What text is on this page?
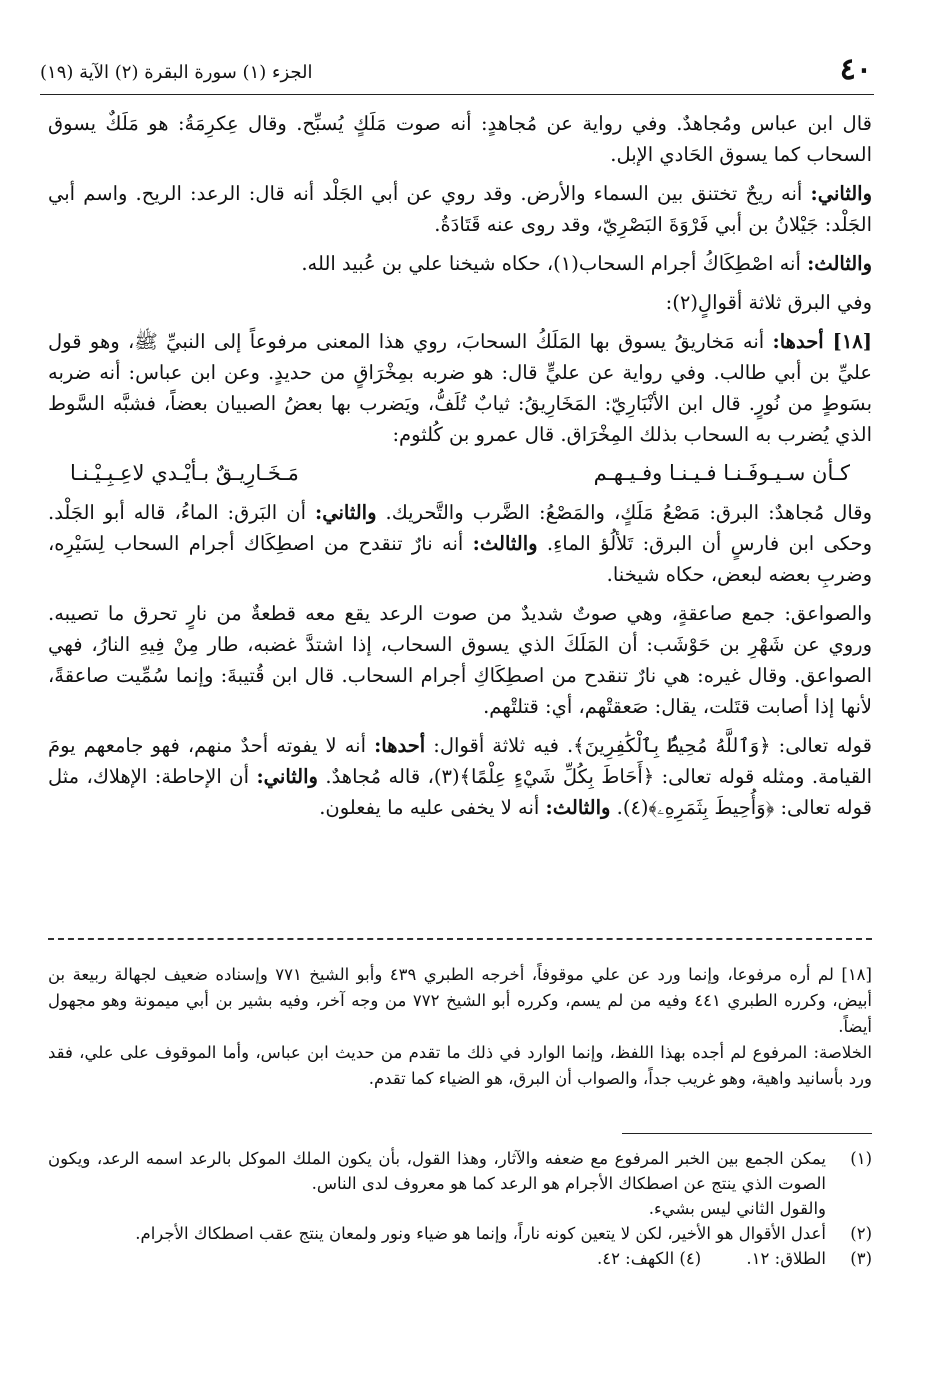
٤٠
الجزء (١) سورة البقرة (٢) الآية (١٩)

قال ابن عباس ومُجاهدٌ. وفي رواية عن مُجاهدٍ: أنه صوت مَلَكٍ يُسبِّح. وقال عِكرِمَةُ: هو مَلَكٌ يسوق السحاب كما يسوق الحَادي الإبل.

والثاني: أنه ريحٌ تختنق بين السماء والأرض. وقد روي عن أبي الجَلْد أنه قال: الرعد: الريح. واسم أبي الجَلْد: جَيْلانُ بن أبي فَرْوَةَ البَصْرِيّ، وقد روى عنه قَتَادَةُ.

والثالث: أنه اصْطِكَاكُ أجرام السحاب(١)، حكاه شيخنا علي بن عُبيد الله.

وفي البرق ثلاثة أقوالٍ(٢):

[١٨] أحدها: أنه مَخاريقُ يسوق بها المَلَكُ السحابَ، روي هذا المعنى مرفوعاً إلى النبيِّ ﷺ، وهو قول عليِّ بن أبي طالب. وفي رواية عن عليٍّ قال: هو ضربه بمِخْرَاقٍ من حديدٍ. وعن ابن عباس: أنه ضربه بسَوطٍ من نُورٍ. قال ابن الأنْبَارِيّ: المَخَارِيقُ: ثيابٌ تُلَفُّ، ويَضرب بها بعضُ الصبيان بعضاً، فشبَّه السَّوط الذي يُضرب به السحاب بذلك المِخْرَاق. قال عمرو بن كُلثوم:

كـأن سـيـوفَـنـا فـيـنـا وفـيـهـم
مَـخَـارِيـقٌ بـأيْـدي لاعِـبِـيْـنـا

وقال مُجاهدٌ: البرق: مَصْعُ مَلَكٍ، والمَصْعُ: الضَّرب والتَّحريك. والثاني: أن البَرق: الماءُ، قاله أبو الجَلْد. وحكى ابن فارسٍ أن البرق: تَلألُؤ الماءِ. والثالث: أنه نارٌ تنقدح من اصطِكَاك أجرام السحاب لِسَيْرِه، وضربِ بعضه لبعض، حكاه شيخنا.

والصواعق: جمع صاعقةٍ، وهي صوتٌ شديدٌ من صوت الرعد يقع معه قطعةٌ من نارٍ تحرق ما تصيبه. وروي عن شَهْرِ بن حَوْشَب: أن المَلَكَ الذي يسوق السحاب، إذا اشتدَّ غضبه، طار مِنْ فِيهِ النارُ، فهي الصواعق. وقال غيره: هي نارٌ تنقدح من اصطِكَاكِ أجرام السحاب. قال ابن قُتيبةَ: وإنما سُمِّيت صاعقةً، لأنها إذا أصابت قتَلت، يقال: صَعقتْهم، أي: قتلتْهم.

قوله تعالى: ﴿وَٱللَّهُ مُحِيطٌۢ بِٱلْكَٰفِرِينَ﴾. فيه ثلاثة أقوال: أحدها: أنه لا يفوته أحدٌ منهم، فهو جامعهم يومَ القيامة. ومثله قوله تعالى: ﴿أَحَاطَ بِكُلِّ شَيْءٍ عِلْمًا﴾(٣)، قاله مُجاهدٌ. والثاني: أن الإحاطة: الإهلاك، مثل قوله تعالى: ﴿وَأُحِيطَ بِثَمَرِهِۦ﴾(٤). والثالث: أنه لا يخفى عليه ما يفعلون.

[١٨] لم أره مرفوعا، وإنما ورد عن علي موقوفاً، أخرجه الطبري ٤٣٩ وأبو الشيخ ٧٧١ وإسناده ضعيف لجهالة ربيعة بن أبيض، وكرره الطبري ٤٤١ وفيه من لم يسم، وكرره أبو الشيخ ٧٧٢ من وجه آخر، وفيه بشير بن أبي ميمونة وهو مجهول أيضاً.

الخلاصة: المرفوع لم أجده بهذا اللفظ، وإنما الوارد في ذلك ما تقدم من حديث ابن عباس، وأما الموقوف على علي، فقد ورد بأسانيد واهية، وهو غريب جداً، والصواب أن البرق، هو الضياء كما تقدم.

(١)
يمكن الجمع بين الخبر المرفوع مع ضعفه والآثار، وهذا القول، بأن يكون الملك الموكل بالرعد اسمه الرعد، ويكون الصوت الذي ينتج عن اصطكاك الأجرام هو الرعد كما هو معروف لدى الناس.
والقول الثاني ليس بشيء.
(٢)
أعدل الأقوال هو الأخير، لكن لا يتعين كونه ناراً، وإنما هو ضياء ونور ولمعان ينتج عقب اصطكاك الأجرام.
(٣)
الطلاق: ١٢. (٤) الكهف: ٤٢.
